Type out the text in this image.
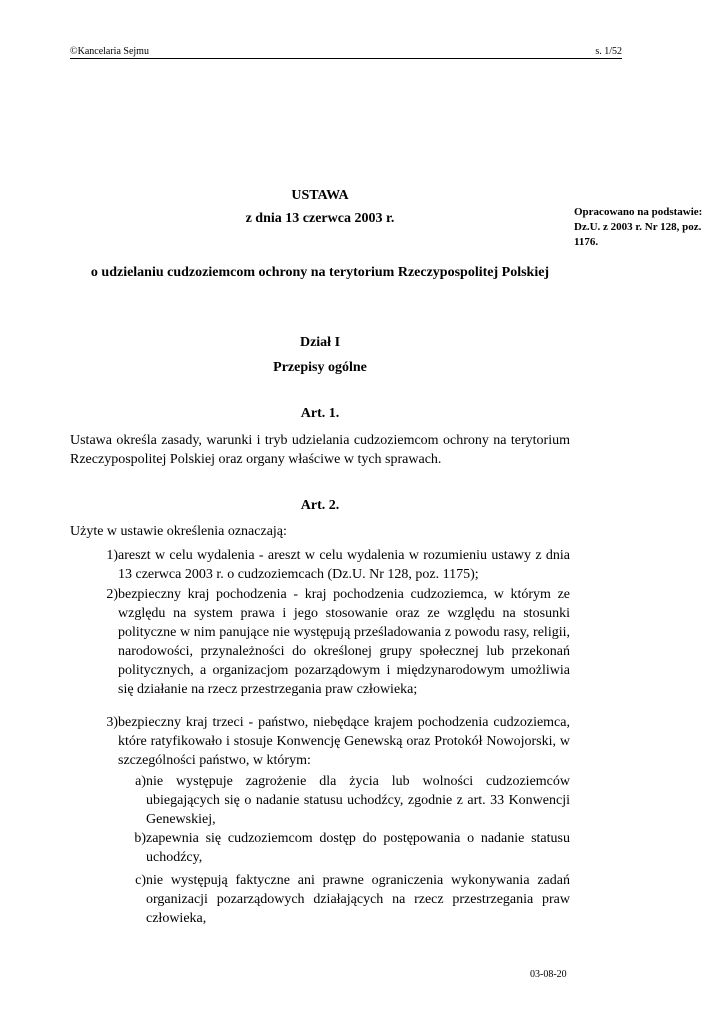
©Kancelaria Sejmu	s. 1/52
USTAWA
z dnia 13 czerwca 2003 r.
o udzielaniu cudzoziemcom ochrony na terytorium Rzeczypospolitej Polskiej
Opracowano na podstawie: Dz.U. z 2003 r. Nr 128, poz. 1176.
Dział I
Przepisy ogólne
Art. 1.
Ustawa określa zasady, warunki i tryb udzielania cudzoziemcom ochrony na terytorium Rzeczypospolitej Polskiej oraz organy właściwe w tych sprawach.
Art. 2.
Użyte w ustawie określenia oznaczają:
1) areszt w celu wydalenia - areszt w celu wydalenia w rozumieniu ustawy z dnia 13 czerwca 2003 r. o cudzoziemcach (Dz.U. Nr 128, poz. 1175);
2) bezpieczny kraj pochodzenia - kraj pochodzenia cudzoziemca, w którym ze względu na system prawa i jego stosowanie oraz ze względu na stosunki polityczne w nim panujące nie występują prześladowania z powodu rasy, religii, narodowości, przynależności do określonej grupy społecznej lub przekonań politycznych, a organizacjom pozarządowym i międzynarodowym umożliwia się działanie na rzecz przestrzegania praw człowieka;
3) bezpieczny kraj trzeci - państwo, niebędące krajem pochodzenia cudzoziemca, które ratyfikowało i stosuje Konwencję Genewską oraz Protokół Nowojorski, w szczególności państwo, w którym:
a) nie występuje zagrożenie dla życia lub wolności cudzoziemców ubiegających się o nadanie statusu uchodźcy, zgodnie z art. 33 Konwencji Genewskiej,
b) zapewnia się cudzoziemcom dostęp do postępowania o nadanie statusu uchodźcy,
c) nie występują faktyczne ani prawne ograniczenia wykonywania zadań organizacji pozarządowych działających na rzecz przestrzegania praw człowieka,
03-08-20
